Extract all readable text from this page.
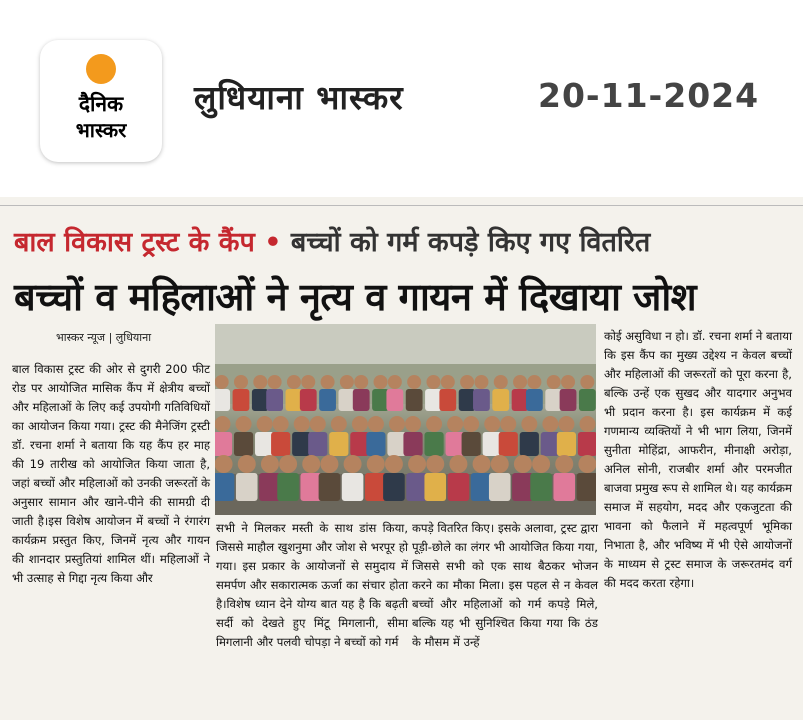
दैनिक
भास्कर
लुधियाना भास्कर	20-11-2024
बाल विकास ट्रस्ट के कैंप • बच्चों को गर्म कपड़े किए गए वितरित
बच्चों व महिलाओं ने नृत्य व गायन में दिखाया जोश
भास्कर न्यूज | लुधियाना
बाल विकास ट्रस्ट की ओर से दुगरी 200 फीट रोड पर आयोजित मासिक कैंप में क्षेत्रीय बच्चों और महिलाओं के लिए कई उपयोगी गतिविधियों का आयोजन किया गया। ट्रस्ट की मैनेजिंग ट्रस्टी डॉ. रचना शर्मा ने बताया कि यह कैंप हर माह की 19 तारीख को आयोजित किया जाता है, जहां बच्चों और महिलाओं को उनकी जरूरतों के अनुसार सामान और खाने-पीने की सामग्री दी जाती है।इस विशेष आयोजन में बच्चों ने रंगारंग कार्यक्रम प्रस्तुत किए, जिनमें नृत्य और गायन की शानदार प्रस्तुतियां शामिल थीं। महिलाओं ने भी उत्साह से गिद्दा नृत्य किया और
सभी ने मिलकर मस्ती के साथ डांस किया, जिससे माहौल खुशनुमा और जोश से भरपूर हो गया। इस प्रकार के आयोजनों से समुदाय में समर्पण और सकारात्मक ऊर्जा का संचार होता है।विशेष ध्यान देने योग्य बात यह है कि बढ़ती सर्दी को देखते हुए मिंटू मिगलानी, सीमा मिगलानी और पलवी चोपड़ा ने बच्चों को गर्म
कपड़े वितरित किए। इसके अलावा, ट्रस्ट द्वारा पूड़ी-छोले का लंगर भी आयोजित किया गया, जिससे सभी को एक साथ बैठकर भोजन करने का मौका मिला। इस पहल से न केवल बच्चों और महिलाओं को गर्म कपड़े मिले, बल्कि यह भी सुनिश्चित किया गया कि ठंड के मौसम में उन्हें
कोई असुविधा न हो। डॉ. रचना शर्मा ने बताया कि इस कैंप का मुख्य उद्देश्य न केवल बच्चों और महिलाओं की जरूरतों को पूरा करना है, बल्कि उन्हें एक सुखद और यादगार अनुभव भी प्रदान करना है। इस कार्यक्रम में कई गणमान्य व्यक्तियों ने भी भाग लिया, जिनमें सुनीता मोहिंद्रा, आफरीन, मीनाक्षी अरोड़ा, अनिल सोनी, राजबीर शर्मा और परमजीत बाजवा प्रमुख रूप से शामिल थे। यह कार्यक्रम समाज में सहयोग, मदद और एकजुटता की भावना को फैलाने में महत्वपूर्ण भूमिका निभाता है, और भविष्य में भी ऐसे आयोजनों के माध्यम से ट्रस्ट समाज के जरूरतमंद वर्ग की मदद करता रहेगा।
